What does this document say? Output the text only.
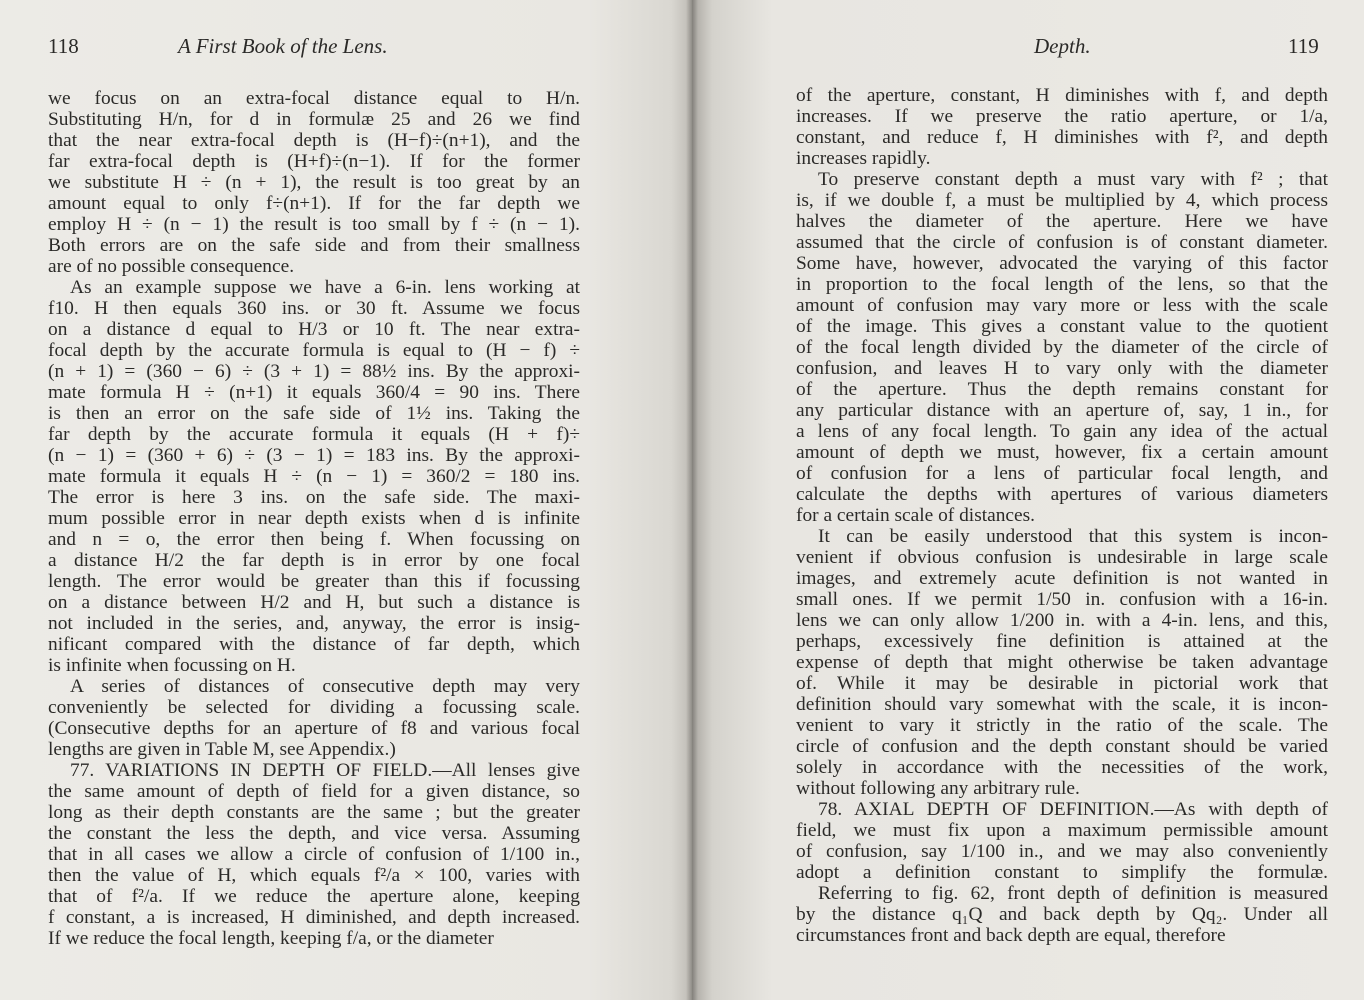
118	A First Book of the Lens.
we focus on an extra-focal distance equal to H/n.
Substituting H/n, for d in formulæ 25 and 26 we find
that the near extra-focal depth is (H−f)÷(n+1), and the
far extra-focal depth is (H+f)÷(n−1). If for the former
we substitute H ÷ (n + 1), the result is too great by an
amount equal to only f÷(n+1). If for the far depth we
employ H ÷ (n − 1) the result is too small by f ÷ (n − 1).
Both errors are on the safe side and from their smallness
are of no possible consequence.
As an example suppose we have a 6-in. lens working at
f10. H then equals 360 ins. or 30 ft. Assume we focus
on a distance d equal to H/3 or 10 ft. The near extra-
focal depth by the accurate formula is equal to (H − f) ÷
(n + 1) = (360 − 6) ÷ (3 + 1) = 88½ ins. By the approxi-
mate formula H ÷ (n+1) it equals 360/4 = 90 ins. There
is then an error on the safe side of 1½ ins. Taking the
far depth by the accurate formula it equals (H + f)÷
(n − 1) = (360 + 6) ÷ (3 − 1) = 183 ins. By the approxi-
mate formula it equals H ÷ (n − 1) = 360/2 = 180 ins.
The error is here 3 ins. on the safe side. The maxi-
mum possible error in near depth exists when d is infinite
and n = o, the error then being f. When focussing on
a distance H/2 the far depth is in error by one focal
length. The error would be greater than this if focussing
on a distance between H/2 and H, but such a distance is
not included in the series, and, anyway, the error is insig-
nificant compared with the distance of far depth, which
is infinite when focussing on H.
A series of distances of consecutive depth may very
conveniently be selected for dividing a focussing scale.
(Consecutive depths for an aperture of f8 and various focal
lengths are given in Table M, see Appendix.)
77. VARIATIONS IN DEPTH OF FIELD.—All lenses give
the same amount of depth of field for a given distance, so
long as their depth constants are the same ; but the greater
the constant the less the depth, and vice versa. Assuming
that in all cases we allow a circle of confusion of 1/100 in.,
then the value of H, which equals f²/a × 100, varies with
that of f²/a. If we reduce the aperture alone, keeping
f constant, a is increased, H diminished, and depth increased.
If we reduce the focal length, keeping f/a, or the diameter
Depth.	119
of the aperture, constant, H diminishes with f, and depth
increases. If we preserve the ratio aperture, or 1/a,
constant, and reduce f, H diminishes with f², and depth
increases rapidly.
To preserve constant depth a must vary with f² ; that
is, if we double f, a must be multiplied by 4, which process
halves the diameter of the aperture. Here we have
assumed that the circle of confusion is of constant diameter.
Some have, however, advocated the varying of this factor
in proportion to the focal length of the lens, so that the
amount of confusion may vary more or less with the scale
of the image. This gives a constant value to the quotient
of the focal length divided by the diameter of the circle of
confusion, and leaves H to vary only with the diameter
of the aperture. Thus the depth remains constant for
any particular distance with an aperture of, say, 1 in., for
a lens of any focal length. To gain any idea of the actual
amount of depth we must, however, fix a certain amount
of confusion for a lens of particular focal length, and
calculate the depths with apertures of various diameters
for a certain scale of distances.
It can be easily understood that this system is incon-
venient if obvious confusion is undesirable in large scale
images, and extremely acute definition is not wanted in
small ones. If we permit 1/50 in. confusion with a 16-in.
lens we can only allow 1/200 in. with a 4-in. lens, and this,
perhaps, excessively fine definition is attained at the
expense of depth that might otherwise be taken advantage
of. While it may be desirable in pictorial work that
definition should vary somewhat with the scale, it is incon-
venient to vary it strictly in the ratio of the scale. The
circle of confusion and the depth constant should be varied
solely in accordance with the necessities of the work,
without following any arbitrary rule.
78. AXIAL DEPTH OF DEFINITION.—As with depth of
field, we must fix upon a maximum permissible amount
of confusion, say 1/100 in., and we may also conveniently
adopt a definition constant to simplify the formulæ.
Referring to fig. 62, front depth of definition is measured
by the distance q₁Q and back depth by Qq₂. Under all
circumstances front and back depth are equal, therefore
